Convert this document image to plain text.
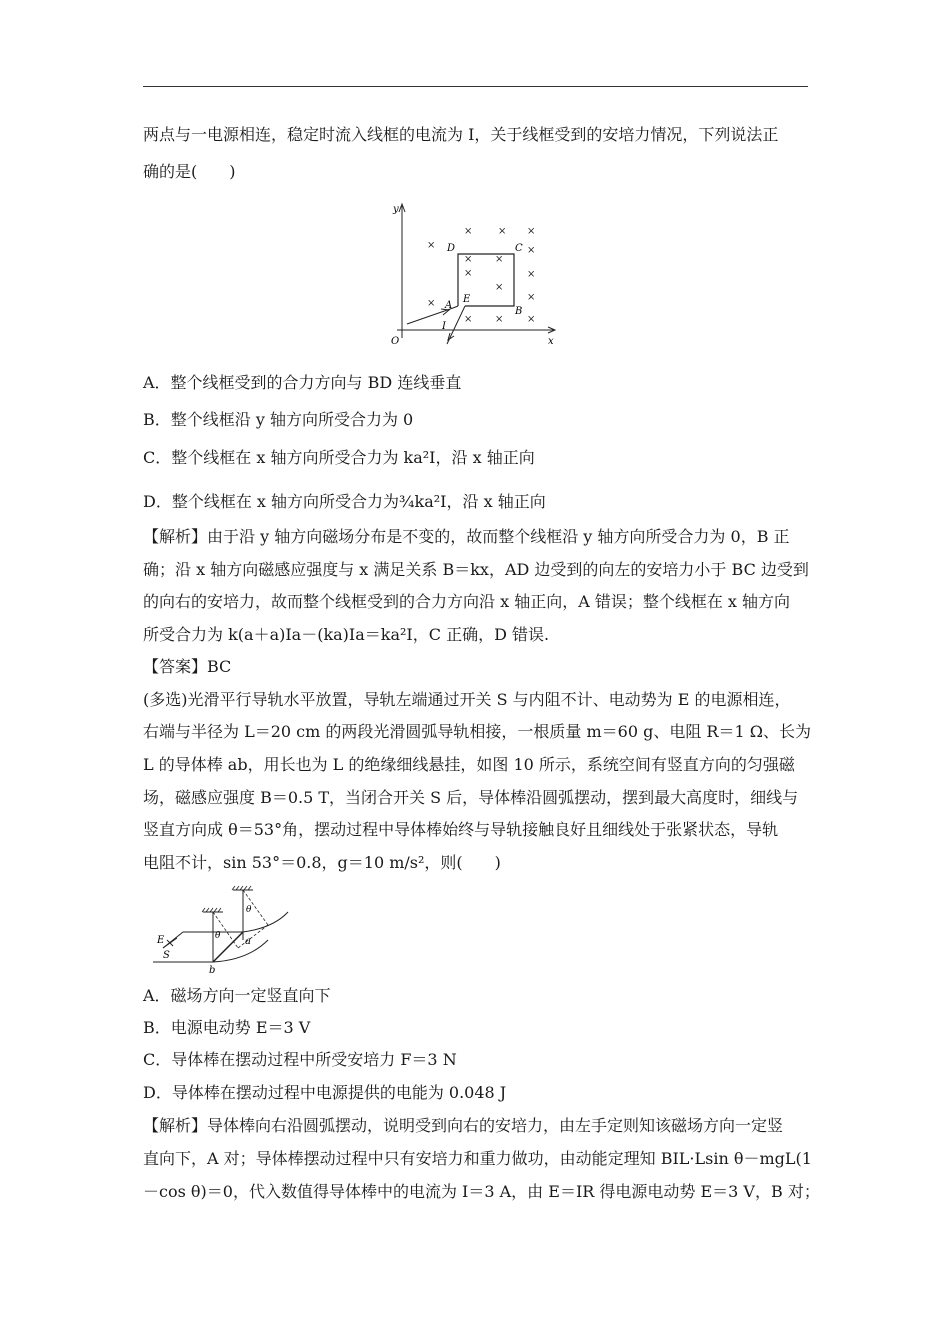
两点与一电源相连，稳定时流入线框的电流为 I，关于线框受到的安培力情况，下列说法正
确的是(　　)
y
x
O
D	C
A
E
B
I
×	× ×
×	×
× ×
×	×
×
×
×
× × ×
A．整个线框受到的合力方向与 BD 连线垂直
B．整个线框沿 y 轴方向所受合力为 0
C．整个线框在 x 轴方向所受合力为 ka²I，沿 x 轴正向
D．整个线框在 x 轴方向所受合力为¾ka²I，沿 x 轴正向
【解析】由于沿 y 轴方向磁场分布是不变的，故而整个线框沿 y 轴方向所受合力为 0，B 正
确；沿 x 轴方向磁感应强度与 x 满足关系 B＝kx，AD 边受到的向左的安培力小于 BC 边受到
的向右的安培力，故而整个线框受到的合力方向沿 x 轴正向，A 错误；整个线框在 x 轴方向
所受合力为 k(a＋a)Ia－(ka)Ia＝ka²I，C 正确，D 错误.
【答案】BC
(多选)光滑平行导轨水平放置，导轨左端通过开关 S 与内阻不计、电动势为 E 的电源相连，
右端与半径为 L＝20 cm 的两段光滑圆弧导轨相接，一根质量 m＝60 g、电阻 R＝1 Ω、长为
L 的导体棒 ab，用长也为 L 的绝缘细线悬挂，如图 10 所示，系统空间有竖直方向的匀强磁
场，磁感应强度 B＝0.5 T，当闭合开关 S 后，导体棒沿圆弧摆动，摆到最大高度时，细线与
竖直方向成 θ＝53°角，摆动过程中导体棒始终与导轨接触良好且细线处于张紧状态，导轨
电阻不计，sin 53°＝0.8，g＝10 m/s²，则(　　)
E
S
θ
θ a
b
A．磁场方向一定竖直向下
B．电源电动势 E＝3 V
C．导体棒在摆动过程中所受安培力 F＝3 N
D．导体棒在摆动过程中电源提供的电能为 0.048 J
【解析】导体棒向右沿圆弧摆动，说明受到向右的安培力，由左手定则知该磁场方向一定竖
直向下，A 对；导体棒摆动过程中只有安培力和重力做功，由动能定理知 BIL·Lsin θ－mgL(1
－cos θ)＝0，代入数值得导体棒中的电流为 I＝3 A，由 E＝IR 得电源电动势 E＝3 V，B 对；
